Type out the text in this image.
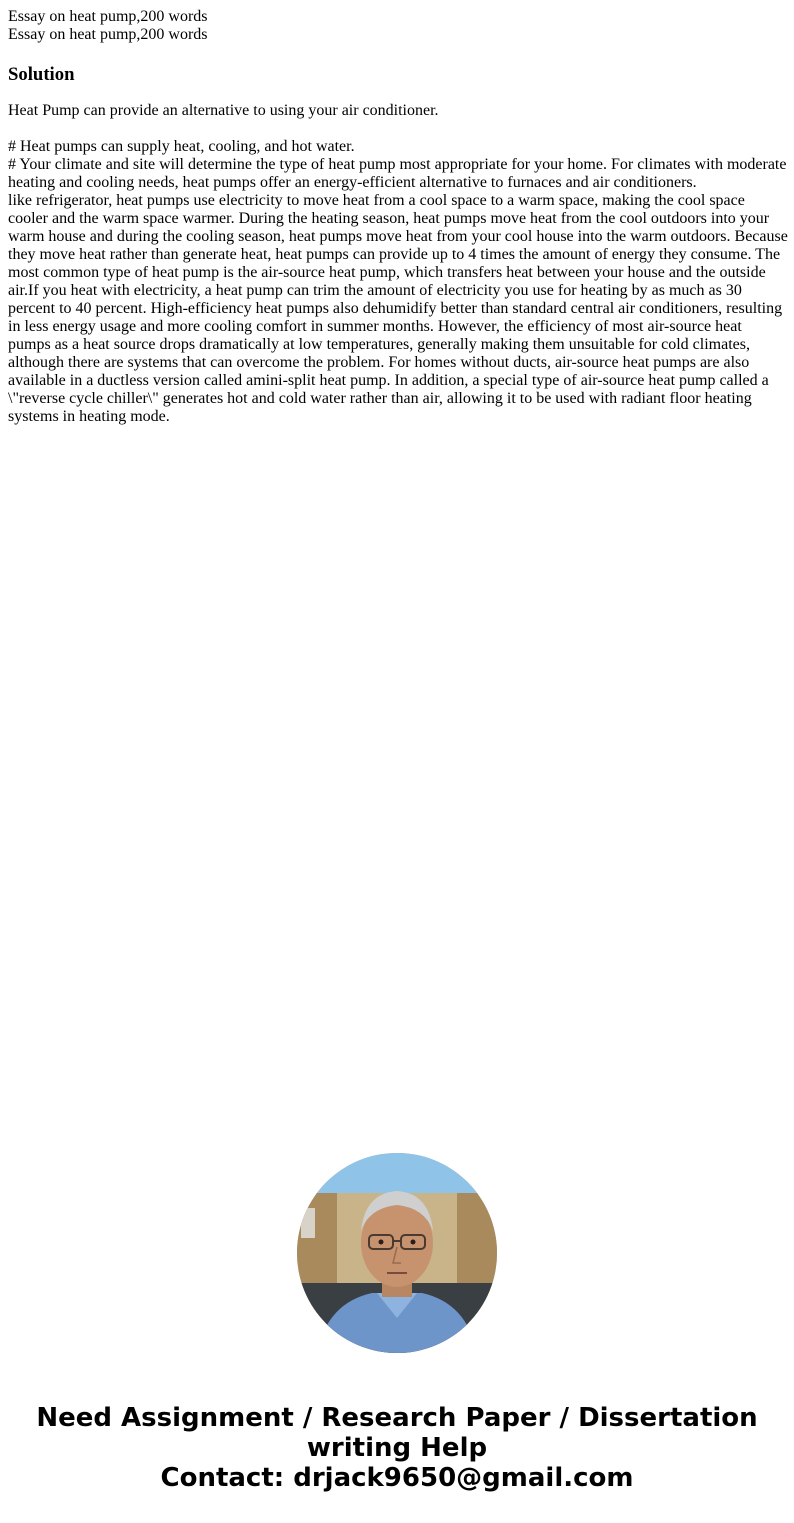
Essay on heat pump,200 words
Essay on heat pump,200 words
Solution

Heat Pump can provide an alternative to using your air conditioner.

# Heat pumps can supply heat, cooling, and hot water.
# Your climate and site will determine the type of heat pump most appropriate for your home. For climates with moderate heating and cooling needs, heat pumps offer an energy-efficient alternative to furnaces and air conditioners.
like refrigerator, heat pumps use electricity to move heat from a cool space to a warm space, making the cool space cooler and the warm space warmer. During the heating season, heat pumps move heat from the cool outdoors into your warm house and during the cooling season, heat pumps move heat from your cool house into the warm outdoors. Because they move heat rather than generate heat, heat pumps can provide up to 4 times the amount of energy they consume. The most common type of heat pump is the air-source heat pump, which transfers heat between your house and the outside air.If you heat with electricity, a heat pump can trim the amount of electricity you use for heating by as much as 30 percent to 40 percent. High-efficiency heat pumps also dehumidify better than standard central air conditioners, resulting in less energy usage and more cooling comfort in summer months. However, the efficiency of most air-source heat pumps as a heat source drops dramatically at low temperatures, generally making them unsuitable for cold climates, although there are systems that can overcome the problem. For homes without ducts, air-source heat pumps are also available in a ductless version called amini-split heat pump. In addition, a special type of air-source heat pump called a \"reverse cycle chiller\" generates hot and cold water rather than air, allowing it to be used with radiant floor heating systems in heating mode.

Need Assignment / Research Paper / Dissertation
writing Help
Contact: drjack9650@gmail.com
